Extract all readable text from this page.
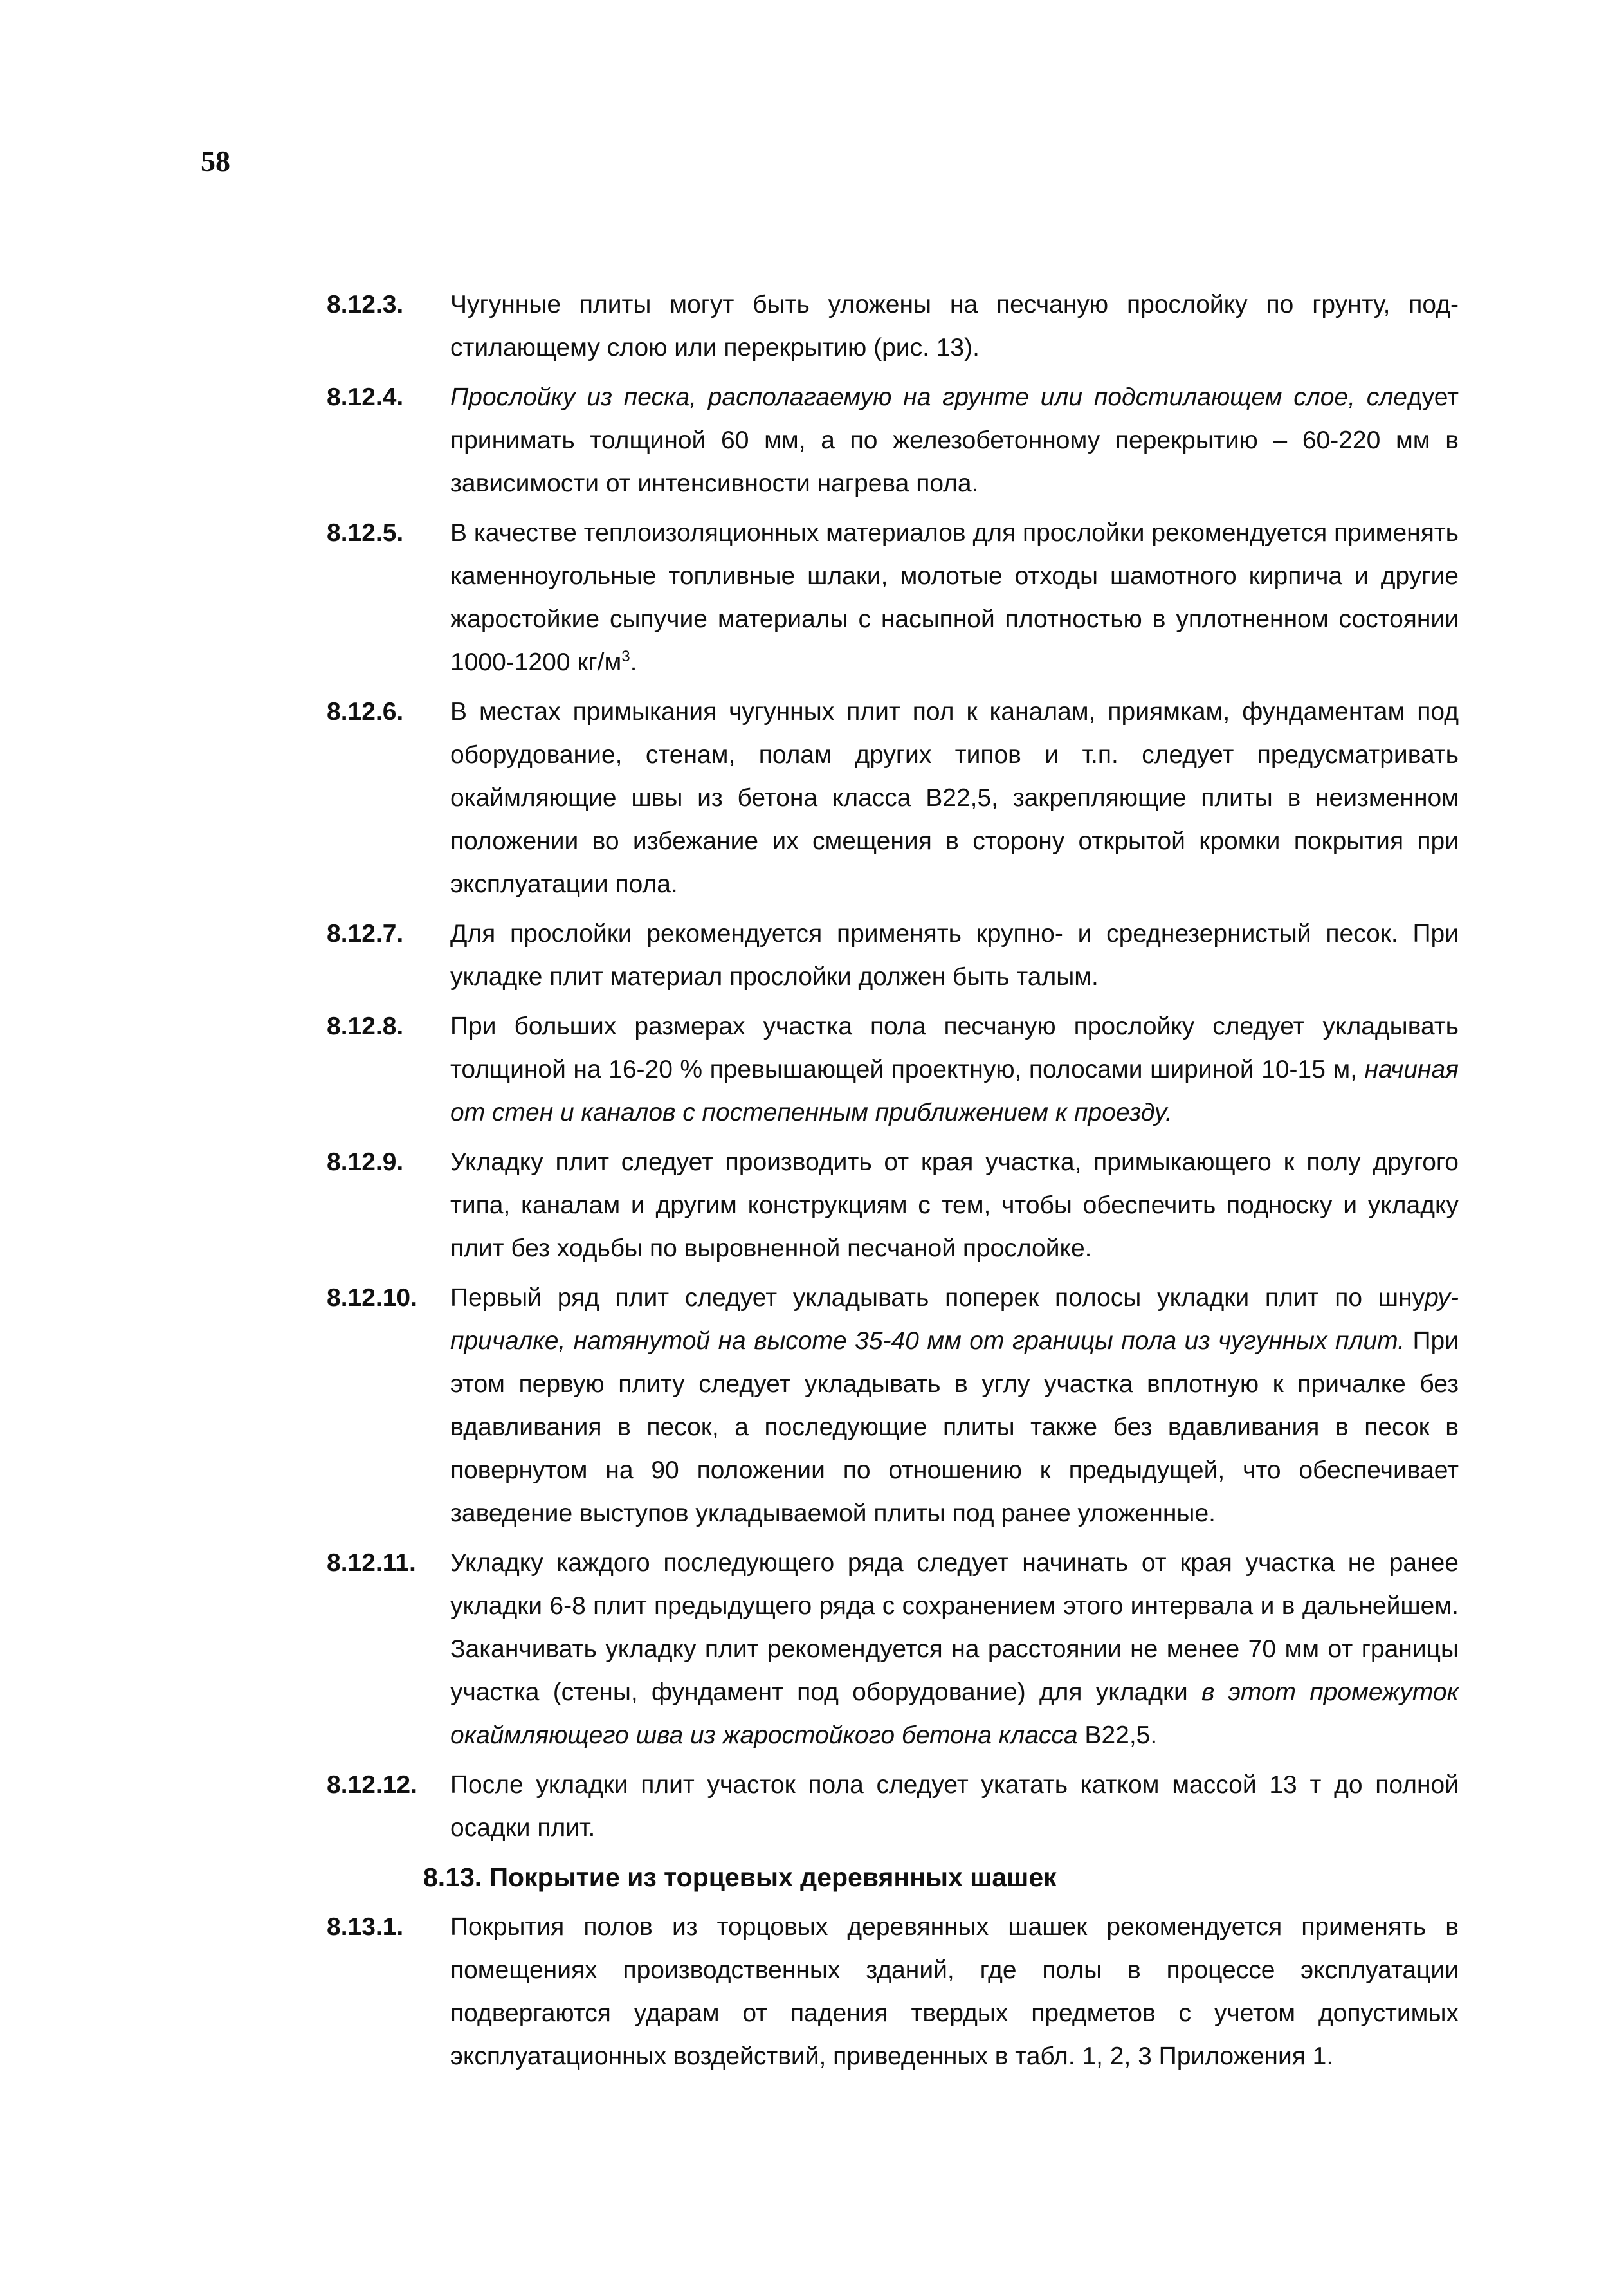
58
8.12.3.	Чугунные плиты могут быть уложены на песчаную прослойку по грунту, подстилающему слою или перекрытию (рис. 13).
8.12.4.	Прослойку из песка, располагаемую на грунте или подстилающем слое, следует принимать толщиной 60 мм, а по железобетонному перекрытию – 60-220 мм в зависимости от интенсивности нагрева пола.
8.12.5.	В качестве теплоизоляционных материалов для прослойки рекомендуется применять каменноугольные топливные шлаки, молотые отходы шамотного кирпича и другие жаростойкие сыпучие материалы с насыпной плотностью в уплотненном состоянии 1000-1200 $кг/м^3$.
8.12.6.	В местах примыкания чугунных плит пол к каналам, приямкам, фундаментам под оборудование, стенам, полам других типов и т.п. следует предусматривать окаймляющие швы из бетона класса В22,5, закрепляющие плиты в неизменном положении во избежание их смещения в сторону открытой кромки покрытия при эксплуатации пола.
8.12.7.	Для прослойки рекомендуется применять крупно- и среднезернистый песок. При укладке плит материал прослойки должен быть талым.
8.12.8.	При больших размерах участка пола песчаную прослойку следует укладывать толщиной на 16-20 % превышающей проектную, полосами шириной 10-15 м, начиная от стен и каналов с постепенным приближением к проезду.
8.12.9.	Укладку плит следует производить от края участка, примыкающего к полу другого типа, каналам и другим конструкциям с тем, чтобы обеспечить подноску и укладку плит без ходьбы по выровненной песчаной прослойке.
8.12.10.	Первый ряд плит следует укладывать поперек полосы укладки плит по шнуру-причалке, натянутой на высоте 35-40 мм от границы пола из чугунных плит. При этом первую плиту следует укладывать в углу участка вплотную к причалке без вдавливания в песок, а последующие плиты также без вдавливания в песок в повернутом на 90 положении по отношению к предыдущей, что обеспечивает заведение выступов укладываемой плиты под ранее уложенные.
8.12.11.	Укладку каждого последующего ряда следует начинать от края участка не ранее укладки 6-8 плит предыдущего ряда с сохранением этого интервала и в дальнейшем. Заканчивать укладку плит рекомендуется на расстоянии не менее 70 мм от границы участка (стены, фундамент под оборудование) для укладки в этот промежуток окаймляющего шва из жаростойкого бетона класса В22,5.
8.12.12.	После укладки плит участок пола следует укатать катком массой 13 т до полной осадки плит.
8.13. Покрытие из торцевых деревянных шашек
8.13.1.	Покрытия полов из торцовых деревянных шашек рекомендуется применять в помещениях производственных зданий, где полы в процессе эксплуатации подвергаются ударам от падения твердых предметов с учетом допустимых эксплуатационных воздействий, приведенных в табл. 1, 2, 3 Приложения 1.
